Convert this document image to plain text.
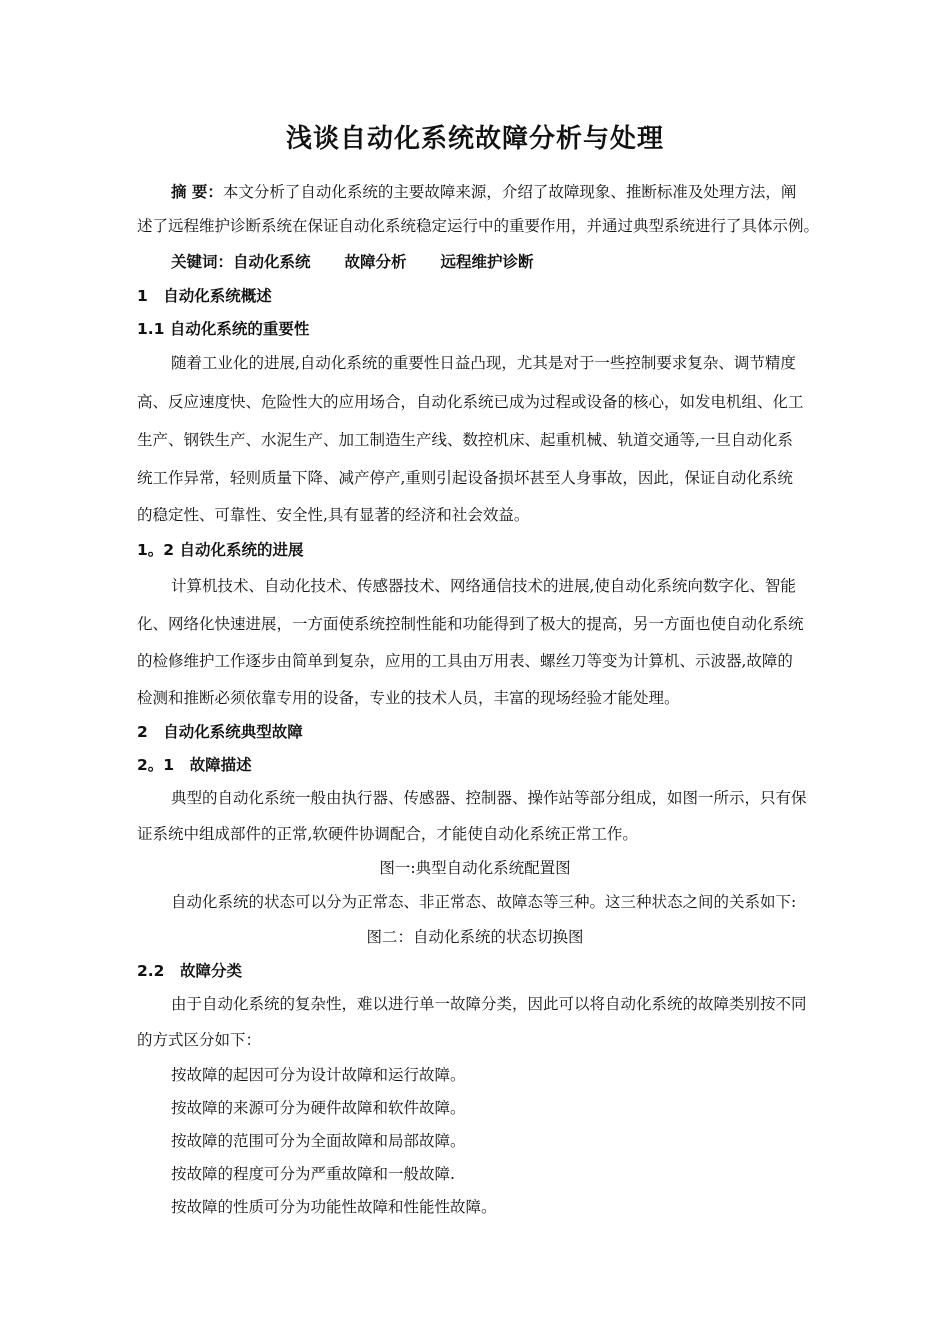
浅谈自动化系统故障分析与处理
摘 要：本文分析了自动化系统的主要故障来源，介绍了故障现象、推断标准及处理方法，阐
述了远程维护诊断系统在保证自动化系统稳定运行中的重要作用，并通过典型系统进行了具体示例。
关键词：自动化系统 故障分析 远程维护诊断
1　自动化系统概述
1.1 自动化系统的重要性
随着工业化的进展,自动化系统的重要性日益凸现，尤其是对于一些控制要求复杂、调节精度
高、反应速度快、危险性大的应用场合，自动化系统已成为过程或设备的核心，如发电机组、化工
生产、钢铁生产、水泥生产、加工制造生产线、数控机床、起重机械、轨道交通等,一旦自动化系
统工作异常，轻则质量下降、减产停产,重则引起设备损坏甚至人身事故，因此，保证自动化系统
的稳定性、可靠性、安全性,具有显著的经济和社会效益。
1。2 自动化系统的进展
计算机技术、自动化技术、传感器技术、网络通信技术的进展,使自动化系统向数字化、智能
化、网络化快速进展，一方面使系统控制性能和功能得到了极大的提高，另一方面也使自动化系统
的检修维护工作逐步由简单到复杂，应用的工具由万用表、螺丝刀等变为计算机、示波器,故障的
检测和推断必须依靠专用的设备，专业的技术人员，丰富的现场经验才能处理。
2　自动化系统典型故障
2。1　故障描述
典型的自动化系统一般由执行器、传感器、控制器、操作站等部分组成，如图一所示，只有保
证系统中组成部件的正常,软硬件协调配合，才能使自动化系统正常工作。
图一:典型自动化系统配置图
自动化系统的状态可以分为正常态、非正常态、故障态等三种。这三种状态之间的关系如下:
图二：自动化系统的状态切换图
2.2　故障分类
由于自动化系统的复杂性，难以进行单一故障分类，因此可以将自动化系统的故障类别按不同
的方式区分如下：
按故障的起因可分为设计故障和运行故障。
按故障的来源可分为硬件故障和软件故障。
按故障的范围可分为全面故障和局部故障。
按故障的程度可分为严重故障和一般故障.
按故障的性质可分为功能性故障和性能性故障。
